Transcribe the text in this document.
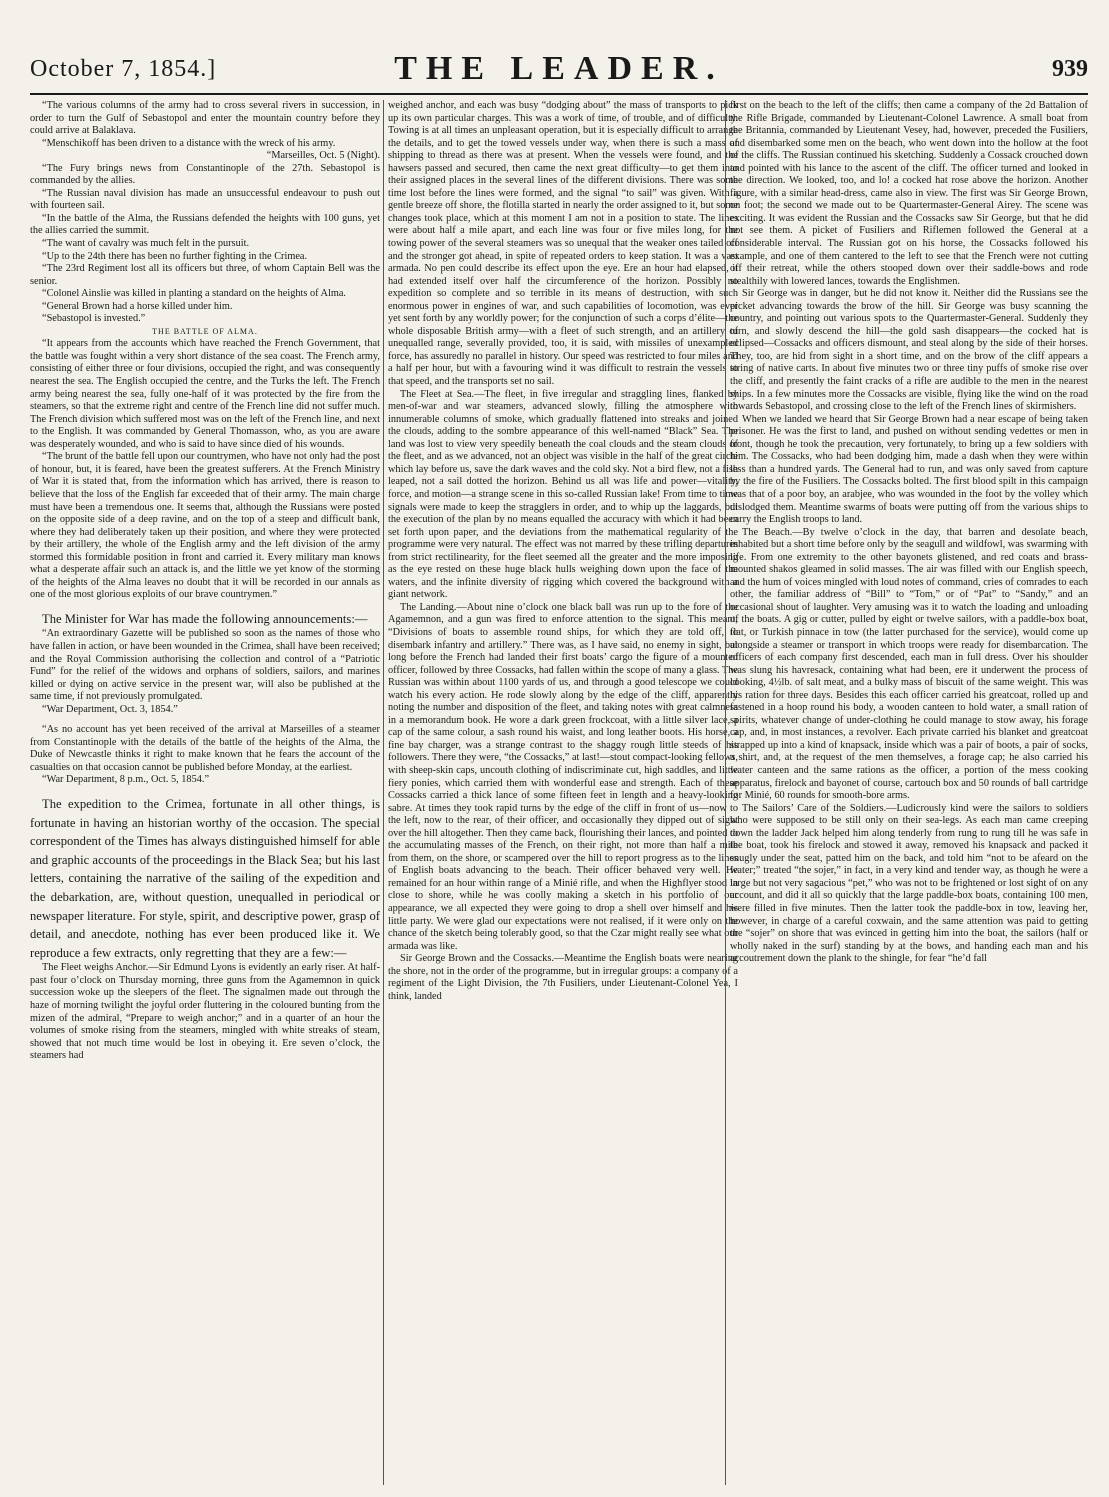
October 7, 1854.]	THE LEADER.	939

“The various columns of the army had to cross several rivers in succession, in order to turn the Gulf of Sebastopol and enter the mountain country before they could arrive at Balaklava.

“Menschikoff has been driven to a distance with the wreck of his army.

“Marseilles, Oct. 5 (Night).

“The Fury brings news from Constantinople of the 27th. Sebastopol is commanded by the allies.

“The Russian naval division has made an unsuccessful endeavour to push out with fourteen sail.

“In the battle of the Alma, the Russians defended the heights with 100 guns, yet the allies carried the summit.

“The want of cavalry was much felt in the pursuit.

“Up to the 24th there has been no further fighting in the Crimea.

“The 23rd Regiment lost all its officers but three, of whom Captain Bell was the senior.

“Colonel Ainslie was killed in planting a standard on the heights of Alma.

“General Brown had a horse killed under him.

“Sebastopol is invested.”

THE BATTLE OF ALMA.

“It appears from the accounts which have reached the French Government, that the battle was fought within a very short distance of the sea coast. The French army, consisting of either three or four divisions, occupied the right, and was consequently nearest the sea. The English occupied the centre, and the Turks the left. The French army being nearest the sea, fully one-half of it was protected by the fire from the steamers, so that the extreme right and centre of the French line did not suffer much. The French division which suffered most was on the left of the French line, and next to the English. It was commanded by General Thomasson, who, as you are aware was desperately wounded, and who is said to have since died of his wounds.

“The brunt of the battle fell upon our countrymen, who have not only had the post of honour, but, it is feared, have been the greatest sufferers. At the French Ministry of War it is stated that, from the information which has arrived, there is reason to believe that the loss of the English far exceeded that of their army. The main charge must have been a tremendous one. It seems that, although the Russians were posted on the opposite side of a deep ravine, and on the top of a steep and difficult bank, where they had deliberately taken up their position, and where they were protected by their artillery, the whole of the English army and the left division of the army stormed this formidable position in front and carried it. Every military man knows what a desperate affair such an attack is, and the little we yet know of the storming of the heights of the Alma leaves no doubt that it will be recorded in our annals as one of the most glorious exploits of our brave countrymen.”

The Minister for War has made the following announcements:—

“An extraordinary Gazette will be published so soon as the names of those who have fallen in action, or have been wounded in the Crimea, shall have been received; and the Royal Commission authorising the collection and control of a “Patriotic Fund” for the relief of the widows and orphans of soldiers, sailors, and marines killed or dying on active service in the present war, will also be published at the same time, if not previously promulgated.

“War Department, Oct. 3, 1854.”

“As no account has yet been received of the arrival at Marseilles of a steamer from Constantinople with the details of the battle of the heights of the Alma, the Duke of Newcastle thinks it right to make known that he fears the account of the casualties on that occasion cannot be published before Monday, at the earliest.

“War Department, 8 p.m., Oct. 5, 1854.”

The expedition to the Crimea, fortunate in all other things, is fortunate in having an historian worthy of the occasion. The special correspondent of the Times has always distinguished himself for able and graphic accounts of the proceedings in the Black Sea; but his last letters, containing the narrative of the sailing of the expedition and the debarkation, are, without question, unequalled in periodical or newspaper literature. For style, spirit, and descriptive power, grasp of detail, and anecdote, nothing has ever been produced like it. We reproduce a few extracts, only regretting that they are a few:—

The Fleet weighs Anchor.—Sir Edmund Lyons is evidently an early riser. At half-past four o’clock on Thursday morning, three guns from the Agamemnon in quick succession woke up the sleepers of the fleet. The signalmen made out through the haze of morning twilight the joyful order fluttering in the coloured bunting from the mizen of the admiral, “Prepare to weigh anchor;” and in a quarter of an hour the volumes of smoke rising from the steamers, mingled with white streaks of steam, showed that not much time would be lost in obeying it. Ere seven o’clock, the steamers had

weighed anchor, and each was busy “dodging about” the mass of transports to pick up its own particular charges. This was a work of time, of trouble, and of difficulty. Towing is at all times an unpleasant operation, but it is especially difficult to arrange the details, and to get the towed vessels under way, when there is such a mass of shipping to thread as there was at present. When the vessels were found, and the hawsers passed and secured, then came the next great difficulty—to get them into their assigned places in the several lines of the different divisions. There was some time lost before the lines were formed, and the signal “to sail” was given. With a gentle breeze off shore, the flotilla started in nearly the order assigned to it, but some changes took place, which at this moment I am not in a position to state. The lines were about half a mile apart, and each line was four or five miles long, for the towing power of the several steamers was so unequal that the weaker ones tailed off and the stronger got ahead, in spite of repeated orders to keep station. It was a vast armada. No pen could describe its effect upon the eye. Ere an hour had elapsed, it had extended itself over half the circumference of the horizon. Possibly no expedition so complete and so terrible in its means of destruction, with such enormous power in engines of war, and such capabilities of locomotion, was ever yet sent forth by any worldly power; for the conjunction of such a corps d’élite—the whole disposable British army—with a fleet of such strength, and an artillery of unequalled range, severally provided, too, it is said, with missiles of unexampled force, has assuredly no parallel in history. Our speed was restricted to four miles and a half per hour, but with a favouring wind it was difficult to restrain the vessels to that speed, and the transports set no sail.

The Fleet at Sea.—The fleet, in five irregular and straggling lines, flanked by men-of-war and war steamers, advanced slowly, filling the atmosphere with innumerable columns of smoke, which gradually flattened into streaks and joined the clouds, adding to the sombre appearance of this well-named “Black” Sea. The land was lost to view very speedily beneath the coal clouds and the steam clouds of the fleet, and as we advanced, not an object was visible in the half of the great circle which lay before us, save the dark waves and the cold sky. Not a bird flew, not a fish leaped, not a sail dotted the horizon. Behind us all was life and power—vitality, force, and motion—a strange scene in this so-called Russian lake! From time to time signals were made to keep the stragglers in order, and to whip up the laggards, but the execution of the plan by no means equalled the accuracy with which it had been set forth upon paper, and the deviations from the mathematical regularity of the programme were very natural. The effect was not marred by these trifling departures from strict rectilinearity, for the fleet seemed all the greater and the more imposing as the eye rested on these huge black hulls weighing down upon the face of the waters, and the infinite diversity of rigging which covered the background with a giant network.

The Landing.—About nine o’clock one black ball was run up to the fore of the Agamemnon, and a gun was fired to enforce attention to the signal. This meant, “Divisions of boats to assemble round ships, for which they are told off, to disembark infantry and artillery.” There was, as I have said, no enemy in sight, but long before the French had landed their first boats’ cargo the figure of a mounted officer, followed by three Cossacks, had fallen within the scope of many a glass. The Russian was within about 1100 yards of us, and through a good telescope we could watch his every action. He rode slowly along by the edge of the cliff, apparently noting the number and disposition of the fleet, and taking notes with great calmness in a memorandum book. He wore a dark green frockcoat, with a little silver lace, a cap of the same colour, a sash round his waist, and long leather boots. His horse, a fine bay charger, was a strange contrast to the shaggy rough little steeds of his followers. There they were, “the Cossacks,” at last!—stout compact-looking fellows, with sheep-skin caps, uncouth clothing of indiscriminate cut, high saddles, and little fiery ponies, which carried them with wonderful ease and strength. Each of these Cossacks carried a thick lance of some fifteen feet in length and a heavy-looking sabre. At times they took rapid turns by the edge of the cliff in front of us—now to the left, now to the rear, of their officer, and occasionally they dipped out of sight over the hill altogether. Then they came back, flourishing their lances, and pointed to the accumulating masses of the French, on their right, not more than half a mile from them, on the shore, or scampered over the hill to report progress as to the lines of English boats advancing to the beach. Their officer behaved very well. He remained for an hour within range of a Minié rifle, and when the Highflyer stood in close to shore, while he was coolly making a sketch in his portfolio of our appearance, we all expected they were going to drop a shell over himself and his little party. We were glad our expectations were not realised, if it were only on the chance of the sketch being tolerably good, so that the Czar might really see what our armada was like.

Sir George Brown and the Cossacks.—Meantime the English boats were nearing the shore, not in the order of the programme, but in irregular groups: a company of a regiment of the Light Division, the 7th Fusiliers, under Lieutenant-Colonel Yea, I think, landed

first on the beach to the left of the cliffs; then came a company of the 2d Battalion of the Rifle Brigade, commanded by Lieutenant-Colonel Lawrence. A small boat from the Britannia, commanded by Lieutenant Vesey, had, however, preceded the Fusiliers, and disembarked some men on the beach, who went down into the hollow at the foot of the cliffs. The Russian continued his sketching. Suddenly a Cossack crouched down and pointed with his lance to the ascent of the cliff. The officer turned and looked in the direction. We looked, too, and lo! a cocked hat rose above the horizon. Another figure, with a similar head-dress, came also in view. The first was Sir George Brown, on foot; the second we made out to be Quartermaster-General Airey. The scene was exciting. It was evident the Russian and the Cossacks saw Sir George, but that he did not see them. A picket of Fusiliers and Riflemen followed the General at a considerable interval. The Russian got on his horse, the Cossacks followed his example, and one of them cantered to the left to see that the French were not cutting off their retreat, while the others stooped down over their saddle-bows and rode stealthily with lowered lances, towards the Englishmen.

Sir George was in danger, but he did not know it. Neither did the Russians see the picket advancing towards the brow of the hill. Sir George was busy scanning the country, and pointing out various spots to the Quartermaster-General. Suddenly they turn, and slowly descend the hill—the gold sash disappears—the cocked hat is eclipsed—Cossacks and officers dismount, and steal along by the side of their horses. They, too, are hid from sight in a short time, and on the brow of the cliff appears a string of native carts. In about five minutes two or three tiny puffs of smoke rise over the cliff, and presently the faint cracks of a rifle are audible to the men in the nearest ships. In a few minutes more the Cossacks are visible, flying like the wind on the road towards Sebastopol, and crossing close to the left of the French lines of skirmishers.

When we landed we heard that Sir George Brown had a near escape of being taken prisoner. He was the first to land, and pushed on without sending vedettes or men in front, though he took the precaution, very fortunately, to bring up a few soldiers with him. The Cossacks, who had been dodging him, made a dash when they were within less than a hundred yards. The General had to run, and was only saved from capture by the fire of the Fusiliers. The Cossacks bolted. The first blood spilt in this campaign was that of a poor boy, an arabjee, who was wounded in the foot by the volley which dislodged them. Meantime swarms of boats were putting off from the various ships to carry the English troops to land.

The Beach.—By twelve o’clock in the day, that barren and desolate beach, inhabited but a short time before only by the seagull and wildfowl, was swarming with life. From one extremity to the other bayonets glistened, and red coats and brass-mounted shakos gleamed in solid masses. The air was filled with our English speech, and the hum of voices mingled with loud notes of command, cries of comrades to each other, the familiar address of “Bill” to “Tom,” or of “Pat” to “Sandy,” and an occasional shout of laughter. Very amusing was it to watch the loading and unloading of the boats. A gig or cutter, pulled by eight or twelve sailors, with a paddle-box boat, flat, or Turkish pinnace in tow (the latter purchased for the service), would come up alongside a steamer or transport in which troops were ready for disembarcation. The officers of each company first descended, each man in full dress. Over his shoulder was slung his havresack, containing what had been, ere it underwent the process of cooking, 4½lb. of salt meat, and a bulky mass of biscuit of the same weight. This was his ration for three days. Besides this each officer carried his greatcoat, rolled up and fastened in a hoop round his body, a wooden canteen to hold water, a small ration of spirits, whatever change of under-clothing he could manage to stow away, his forage cap, and, in most instances, a revolver. Each private carried his blanket and greatcoat strapped up into a kind of knapsack, inside which was a pair of boots, a pair of socks, a shirt, and, at the request of the men themselves, a forage cap; he also carried his water canteen and the same rations as the officer, a portion of the mess cooking apparatus, firelock and bayonet of course, cartouch box and 50 rounds of ball cartridge for Minié, 60 rounds for smooth-bore arms.

The Sailors’ Care of the Soldiers.—Ludicrously kind were the sailors to soldiers who were supposed to be still only on their sea-legs. As each man came creeping down the ladder Jack helped him along tenderly from rung to rung till he was safe in the boat, took his firelock and stowed it away, removed his knapsack and packed it snugly under the seat, patted him on the back, and told him “not to be afeard on the water;” treated “the sojer,” in fact, in a very kind and tender way, as though he were a large but not very sagacious “pet,” who was not to be frightened or lost sight of on any account, and did it all so quickly that the large paddle-box boats, containing 100 men, were filled in five minutes. Then the latter took the paddle-box in tow, leaving her, however, in charge of a careful coxwain, and the same attention was paid to getting the “sojer” on shore that was evinced in getting him into the boat, the sailors (half or wholly naked in the surf) standing by at the bows, and handing each man and his accoutrement down the plank to the shingle, for fear “he’d fall
